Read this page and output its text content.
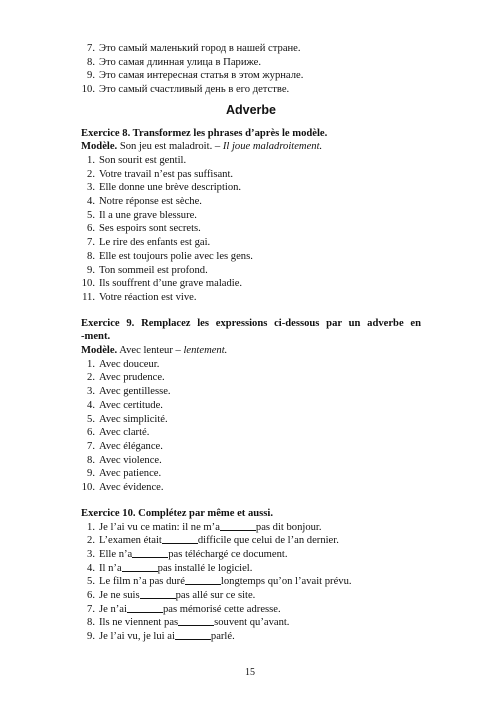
7. Это самый маленький город в нашей стране.
8. Это самая длинная улица в Париже.
9. Это самая интересная статья в этом журнале.
10. Это самый счастливый день в его детстве.
Adverbe
Exercice 8. Transformez les phrases d’après le modèle.
Modèle. Son jeu est maladroit. – Il joue maladroitement.
1. Son sourit est gentil.
2. Votre travail n’est pas suffisant.
3. Elle donne une brève description.
4. Notre réponse est sèche.
5. Il a une grave blessure.
6. Ses espoirs sont secrets.
7. Le rire des enfants est gai.
8. Elle est toujours polie avec les gens.
9. Ton sommeil est profond.
10. Ils souffrent d’une grave maladie.
11. Votre réaction est vive.
Exercice 9. Remplacez les expressions ci-dessous par un adverbe en
-ment.
Modèle. Avec lenteur – lentement.
1. Avec douceur.
2. Avec prudence.
3. Avec gentillesse.
4. Avec certitude.
5. Avec simplicité.
6. Avec clarté.
7. Avec élégance.
8. Avec violence.
9. Avec patience.
10. Avec évidence.
Exercice 10. Complétez par même et aussi.
1. Je l’ai vu ce matin: il ne m’a	pas dit bonjour.
2. L’examen était	difficile que celui de l’an dernier.
3. Elle n’a	pas téléchargé ce document.
4. Il n’a	pas installé le logiciel.
5. Le film n’a pas duré	longtemps qu’on l’avait prévu.
6. Je ne suis	pas allé sur ce site.
7. Je n’ai	pas mémorisé cette adresse.
8. Ils ne viennent pas	souvent qu’avant.
9. Je l’ai vu, je lui ai	parlé.
15
